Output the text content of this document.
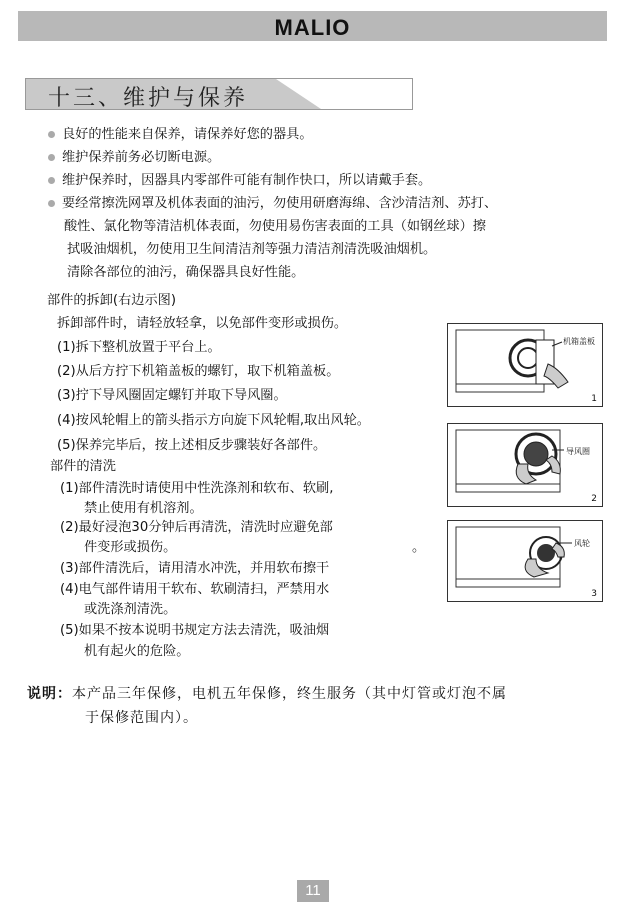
MALIO
十三、维护与保养
良好的性能来自保养，请保养好您的器具。
维护保养前务必切断电源。
维护保养时，因器具内零部件可能有制作快口，所以请戴手套。
要经常擦洗网罩及机体表面的油污，勿使用研磨海绵、含沙清洁剂、苏打、
酸性、氯化物等清洁机体表面，勿使用易伤害表面的工具（如钢丝球）擦
拭吸油烟机，勿使用卫生间清洁剂等强力清洁剂清洗吸油烟机。
清除各部位的油污，确保器具良好性能。
部件的拆卸(右边示图)
拆卸部件时，请轻放轻拿，以免部件变形或损伤。
(1)拆下整机放置于平台上。
(2)从后方拧下机箱盖板的螺钉，取下机箱盖板。
(3)拧下导风圈固定螺钉并取下导风圈。
(4)按风轮帽上的箭头指示方向旋下风轮帽,取出风轮。
(5)保养完毕后，按上述相反步骤装好各部件。
部件的清洗
(1)部件清洗时请使用中性洗涤剂和软布、软刷,
禁止使用有机溶剂。
(2)最好浸泡30分钟后再清洗，清洗时应避免部
件变形或损伤。	。
(3)部件清洗后，请用清水冲洗，并用软布擦干
(4)电气部件请用干软布、软刷清扫，严禁用水
或洗涤剂清洗。
(5)如果不按本说明书规定方法去清洗，吸油烟
机有起火的危险。
机箱盖板
1
导风圈
2
风轮
3
说明：本产品三年保修，电机五年保修，终生服务（其中灯管或灯泡不属
于保修范围内）。
11
